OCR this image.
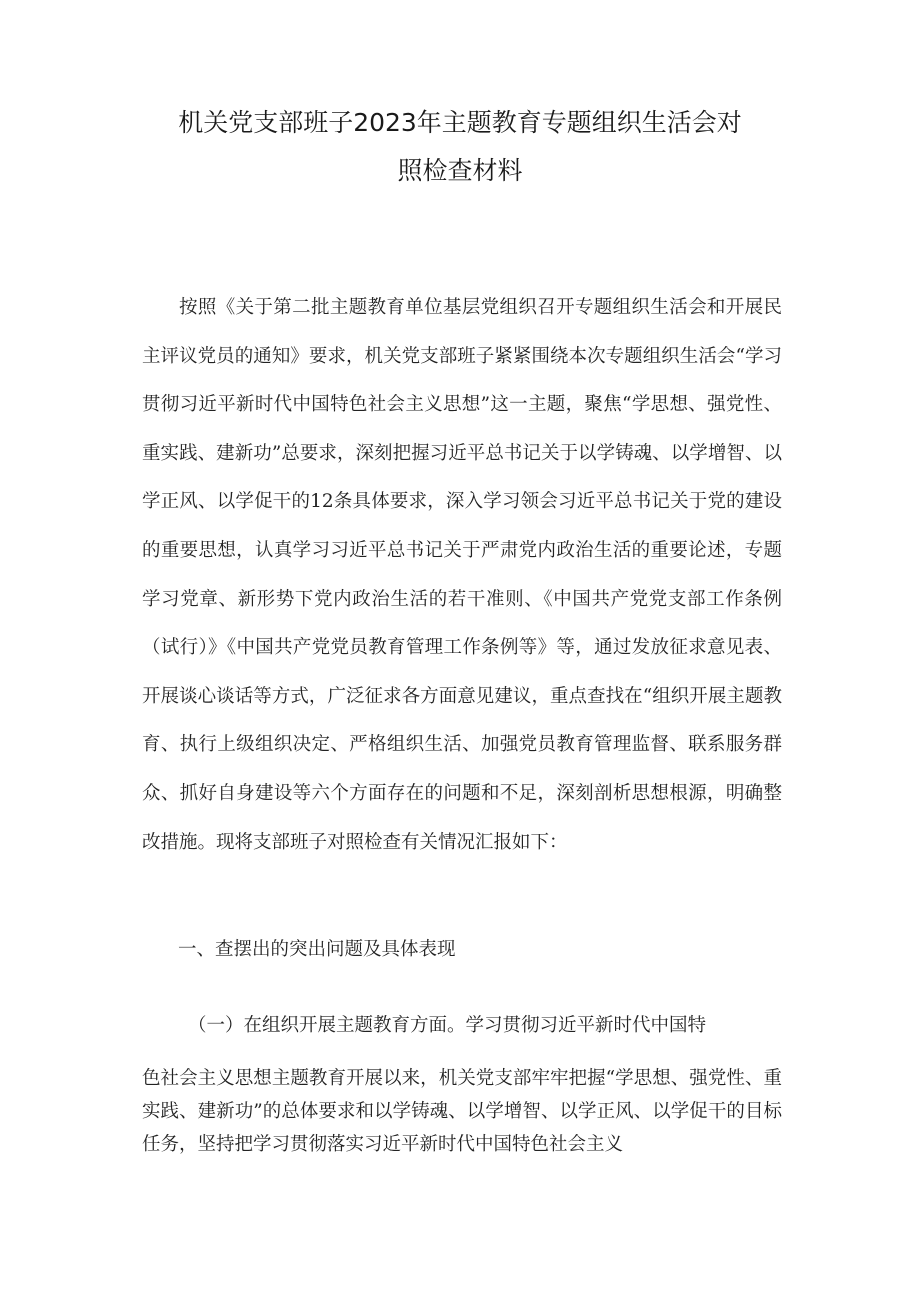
机关党支部班子2023年主题教育专题组织生活会对
照检查材料

按照《关于第二批主题教育单位基层党组织召开专题组织生活会和开展民主评议党员的通知》要求，机关党支部班子紧紧围绕本次专题组织生活会“学习贯彻习近平新时代中国特色社会主义思想”这一主题，聚焦“学思想、强党性、重实践、建新功”总要求，深刻把握习近平总书记关于以学铸魂、以学增智、以学正风、以学促干的12条具体要求，深入学习领会习近平总书记关于党的建设的重要思想，认真学习习近平总书记关于严肃党内政治生活的重要论述，专题学习党章、新形势下党内政治生活的若干准则、《中国共产党党支部工作条例（试行）》《中国共产党党员教育管理工作条例等》等，通过发放征求意见表、开展谈心谈话等方式，广泛征求各方面意见建议，重点查找在“组织开展主题教育、执行上级组织决定、严格组织生活、加强党员教育管理监督、联系服务群众、抓好自身建设等六个方面存在的问题和不足，深刻剖析思想根源，明确整改措施。现将支部班子对照检查有关情况汇报如下：

一、查摆出的突出问题及具体表现

（一）在组织开展主题教育方面。学习贯彻习近平新时代中国特

色社会主义思想主题教育开展以来，机关党支部牢牢把握“学思想、强党性、重实践、建新功”的总体要求和以学铸魂、以学增智、以学正风、以学促干的目标任务，坚持把学习贯彻落实习近平新时代中国特色社会主义
